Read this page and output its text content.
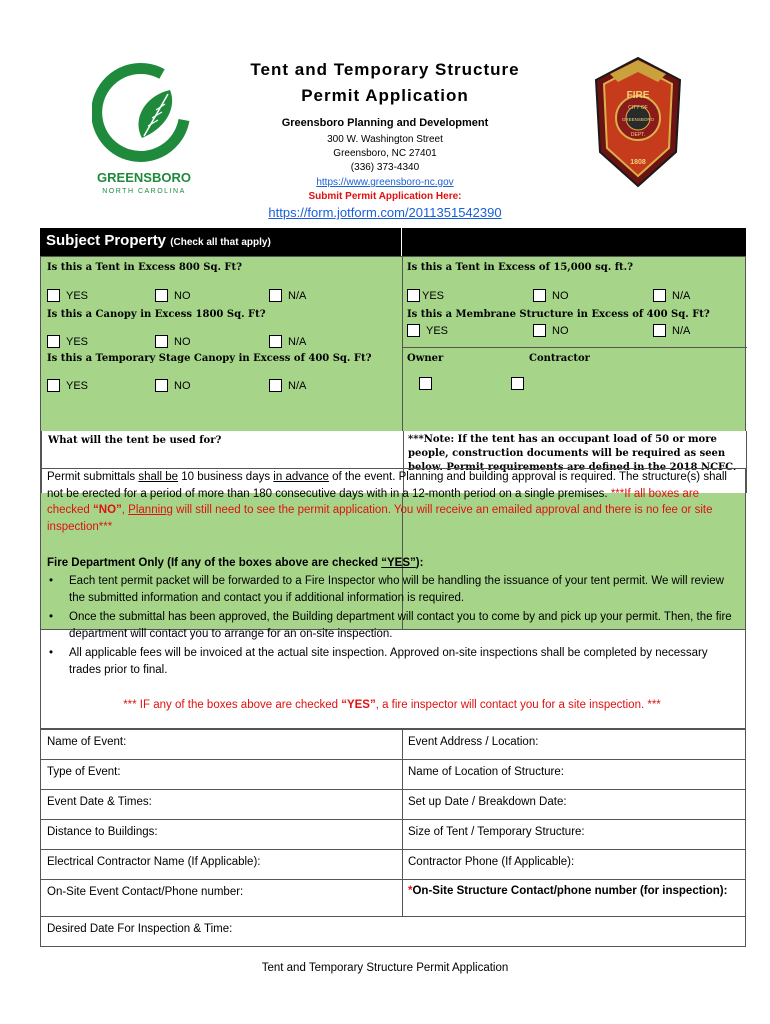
GREENSBORO
NORTH CAROLINA
Tent and Temporary Structure
Permit Application
Greensboro Planning and Development
300 W. Washington Street
Greensboro, NC 27401
(336) 373-4340
https://www.greensboro-nc.gov
Submit Permit Application Here:
https://form.jotform.com/2011351542390
FIRE
CITY OF
GREENSBORO
DEPT.
1808
Subject Property (Check all that apply)
Is this a Tent in Excess 800 Sq. Ft?
YES	NO	N/A
Is this a Canopy in Excess 1800 Sq. Ft?
YES	NO	N/A
Is this a Temporary Stage Canopy in Excess of 400 Sq. Ft?
YES	NO	N/A
Is this a Tent in Excess of 15,000 sq. ft.?
YES	NO	N/A
Is this a Membrane Structure in Excess of 400 Sq. Ft?
YES	NO	N/A
Owner	Contractor
What will the tent be used for?	***Note: If the tent has an occupant load of 50 or more people, construction documents will be required as seen below. Permit requirements are defined in the 2018 NCFC.
Permit submittals shall be 10 business days in advance of the event. Planning and building approval is required. The structure(s) shall not be erected for a period of more than 180 consecutive days with in a 12-month period on a single premises. ***If all boxes are checked “NO”, Planning will still need to see the permit application. You will receive an emailed approval and there is no fee or site inspection***
Fire Department Only (If any of the boxes above are checked “YES”):
• Each tent permit packet will be forwarded to a Fire Inspector who will be handling the issuance of your tent permit. We will review the submitted information and contact you if additional information is required.
• Once the submittal has been approved, the Building department will contact you to come by and pick up your permit. Then, the fire department will contact you to arrange for an on-site inspection.
• All applicable fees will be invoiced at the actual site inspection. Approved on-site inspections shall be completed by necessary trades prior to final.
*** IF any of the boxes above are checked “YES”, a fire inspector will contact you for a site inspection. ***
Name of Event:	Event Address / Location:
Type of Event:	Name of Location of Structure:
Event Date & Times:	Set up Date / Breakdown Date:
Distance to Buildings:	Size of Tent / Temporary Structure:
Electrical Contractor Name (If Applicable):	Contractor Phone (If Applicable):
On-Site Event Contact/Phone number:	*On-Site Structure Contact/phone number (for inspection):
Desired Date For Inspection & Time:
Tent and Temporary Structure Permit Application
